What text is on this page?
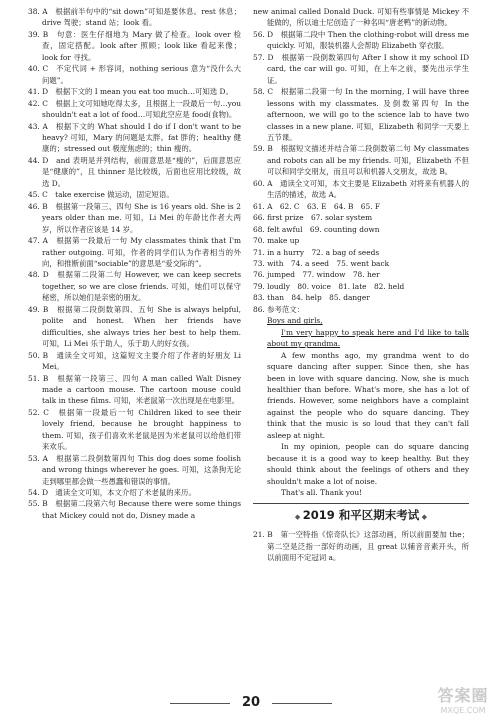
38. A　根据前半句中的“sit down”可知是要休息。rest 休息；drive 驾驶；stand 站；look 看。

39. B　句意：医生仔细地为 Mary 做了检查。look over 检查，固定搭配。look after 照顾；look like 看起来像；look for 寻找。

40. C　不定代词 + 形容词，nothing serious 意为“没什么大问题”。

41. D　根据下文的 I mean you eat too much…可知选 D。

42. C　根据上文可知她吃得太多，且根据上一段最后一句…you shouldn't eat a lot of food…可知此空应是 food(食物)。

43. A　根据下文的 What should I do if I don't want to be heavy? 可知，Mary 的问题是太胖。fat 胖的；healthy 健康的；stressed out 极度焦虑的；thin 瘦的。

44. D　and 表明是并列结构，前面意思是“瘦的”，后面意思应是“健康的”，且 thinner 是比较级，后面也应用比较级，故选 D。

45. C　take exercise 做运动，固定短语。

46. B　根据第一段第三、四句 She is 16 years old. She is 2 years older than me. 可知，Li Mei 的年龄比作者大两岁，所以作者应该是 14 岁。

47. A　根据第一段最后一句 My classmates think that I'm rather outgoing. 可知，作者的同学们认为作者相当的外向，和推断前面“sociable”的意思是“爱交际的”。

48. D　根据第二段第二句 However, we can keep secrets together, so we are close friends. 可知，她们可以保守秘密，所以她们是亲密的朋友。

49. B　根据第二段倒数第四、五句 She is always helpful, polite and honest. When her friends have difficulties, she always tries her best to help them. 可知，Li Mei 乐于助人，乐于助人的好女孩。

50. B　通读全文可知，这篇短文主要介绍了作者的好朋友 Li Mei。

51. B　根据第一段第三、四句 A man called Walt Disney made a cartoon mouse. The cartoon mouse could talk in these films. 可知，米老鼠第一次出现是在电影里。

52. C　根据第一段最后一句 Children liked to see their lovely friend, because he brought happiness to them. 可知，孩子们喜欢米老鼠是因为米老鼠可以给他们带来欢乐。

53. A　根据第二段倒数第四句 This dog does some foolish and wrong things wherever he goes. 可知，这条狗无论走到哪里都会做一些愚蠢和错误的事情。

54. D　通读全文可知，本文介绍了米老鼠的来历。

55. B　根据第二段第六句 Because there were some things that Mickey could not do, Disney made a

new animal called Donald Duck. 可知有些事情是 Mickey 不能做的，所以迪士尼创造了一种名叫“唐老鸭”的新动物。

56. D　根据第二段中 Then the clothing-robot will dress me quickly. 可知，服装机器人会帮助 Elizabeth 穿衣服。

57. D　根据第一段倒数第四句 After I show it my school ID card, the car will go. 可知，在上车之前，要先出示学生证。

58. C　根据第二段第一句 In the morning, I will have three lessons with my classmates. 及倒数第四句 In the afternoon, we will go to the science lab to have two classes in a new plane. 可知，Elizabeth 和同学一天要上五节课。

59. B　根据短文描述并结合第二段倒数第二句 My classmates and robots can all be my friends. 可知，Elizabeth 不但可以和同学交朋友，而且可以和机器人交朋友，故选 B。

60. A　通读全文可知，本文主要是 Elizabeth 对将来有机器人的生活的描述，故选 A。

61. A　62. C　63. E　64. B　65. F

66. first prize　67. solar system

68. felt awful　69. counting down

70. make up

71. in a hurry　72. a bag of seeds

73. with　74. a seed　75. went back

76. jumped　77. window　78. her

79. loudly　80. voice　81. late　82. held

83. than　84. help　85. danger

86. 参考范文：

Boys and girls,

I'm very happy to speak here and I'd like to talk about my grandma.

A few months ago, my grandma went to do square dancing after supper. Since then, she has been in love with square dancing. Now, she is much healthier than before. What's more, she has a lot of friends. However, some neighbors have a complaint against the people who do square dancing. They think that the music is so loud that they can't fall asleep at night.

In my opinion, people can do square dancing because it is a good way to keep healthy. But they should think about the feelings of others and they shouldn't make a lot of noise.

That's all. Thank you!

◆ 2019 和平区期末考试 ◆

21. B　第一空特指《惊奇队长》这部动画，所以前面要加 the；第二空是泛指一部好的动画，且 great 以辅音音素开头，所以前面用不定冠词 a。

20	答案圈
MXQE.COM
